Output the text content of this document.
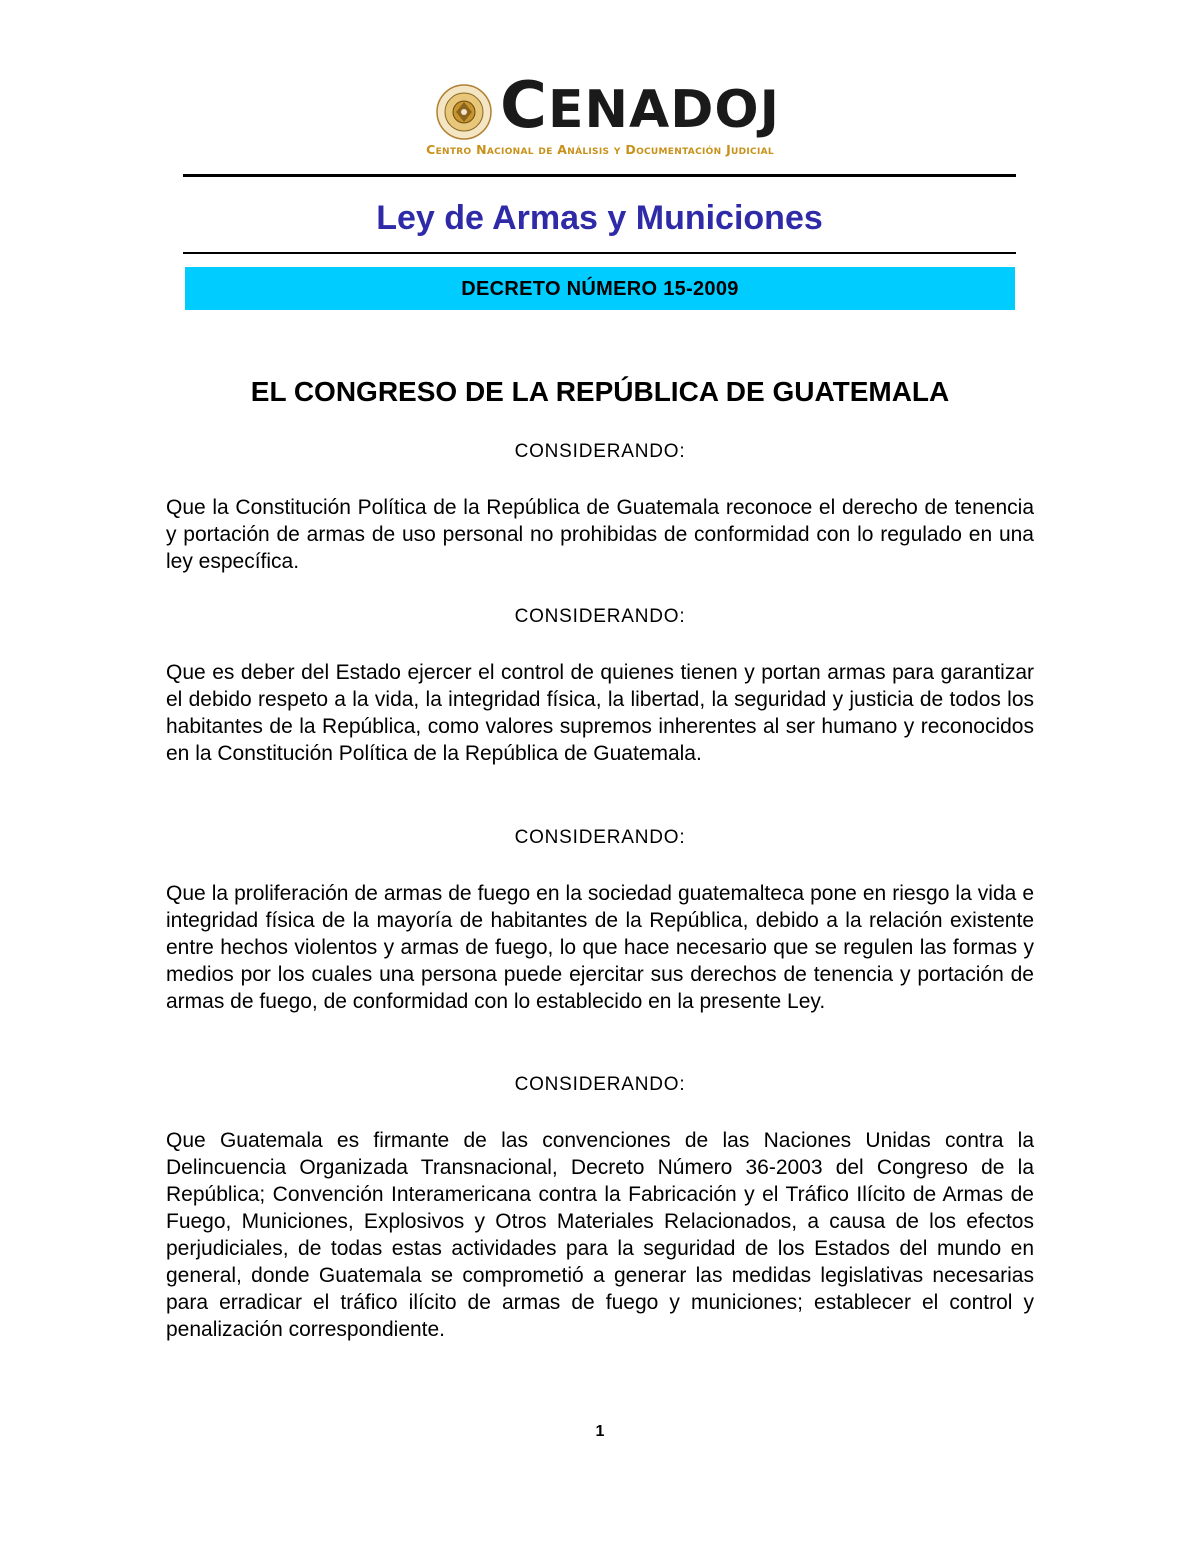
CENADOJ
Centro Nacional de Análisis y Documentación Judicial
Ley de Armas y Municiones
DECRETO NÚMERO 15-2009
EL CONGRESO DE LA REPÚBLICA DE GUATEMALA
CONSIDERANDO:
Que la Constitución Política de la República de Guatemala reconoce el derecho de tenencia y portación de armas de uso personal no prohibidas de conformidad con lo regulado en una ley específica.
CONSIDERANDO:
Que es deber del Estado ejercer el control de quienes tienen y portan armas para garantizar el debido respeto a la vida, la integridad física, la libertad, la seguridad y justicia de todos los habitantes de la República, como valores supremos inherentes al ser humano y reconocidos en la Constitución Política de la República de Guatemala.
CONSIDERANDO:
Que la proliferación de armas de fuego en la sociedad guatemalteca pone en riesgo la vida e integridad física de la mayoría de habitantes de la República, debido a la relación existente entre hechos violentos y armas de fuego, lo que hace necesario que se regulen las formas y medios por los cuales una persona puede ejercitar sus derechos de tenencia y portación de armas de fuego, de conformidad con lo establecido en la presente Ley.
CONSIDERANDO:
Que Guatemala es firmante de las convenciones de las Naciones Unidas contra la Delincuencia Organizada Transnacional, Decreto Número 36-2003 del Congreso de la República; Convención Interamericana contra la Fabricación y el Tráfico Ilícito de Armas de Fuego, Municiones, Explosivos y Otros Materiales Relacionados, a causa de los efectos perjudiciales, de todas estas actividades para la seguridad de los Estados del mundo en general, donde Guatemala se comprometió a generar las medidas legislativas necesarias para erradicar el tráfico ilícito de armas de fuego y municiones; establecer el control y penalización correspondiente.
1
